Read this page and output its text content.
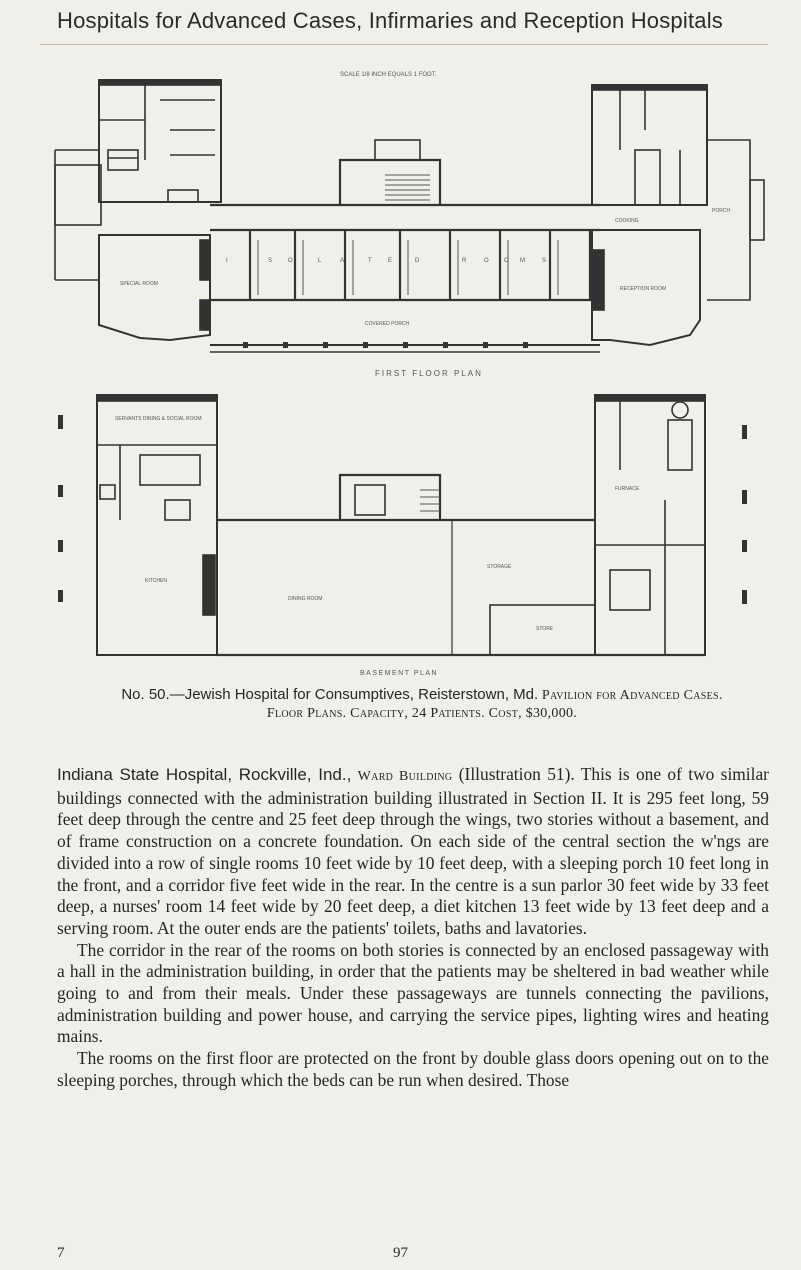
Hospitals for Advanced Cases, Infirmaries and Reception Hospitals
SCALE 1/8 INCH EQUALS 1 FOOT.
SPECIAL ROOM
I	S	O	L	A	T	E	D	R	O	O M	S
COVERED PORCH
RECEPTION ROOM
COOKING
PORCH
FIRST FLOOR PLAN
SERVANTS DINING & SOCIAL ROOM
KITCHEN
DINING ROOM
STORAGE
STORE
FURNACE
BASEMENT PLAN
No. 50.—Jewish Hospital for Consumptives, Reisterstown, Md. Pavilion for Advanced Cases.
Floor Plans. Capacity, 24 Patients. Cost, $30,000.

Indiana State Hospital, Rockville, Ind., Ward Building (Illustration 51). This is one of two similar buildings connected with the administration building illustrated in Section II. It is 295 feet long, 59 feet deep through the centre and 25 feet deep through the wings, two stories without a basement, and of frame construction on a concrete foundation. On each side of the central section the w'ngs are divided into a row of single rooms 10 feet wide by 10 feet deep, with a sleeping porch 10 feet long in the front, and a corridor five feet wide in the rear. In the centre is a sun parlor 30 feet wide by 33 feet deep, a nurses' room 14 feet wide by 20 feet deep, a diet kitchen 13 feet wide by 13 feet deep and a serving room. At the outer ends are the patients' toilets, baths and lavatories.

The corridor in the rear of the rooms on both stories is connected by an enclosed passageway with a hall in the administration building, in order that the patients may be sheltered in bad weather while going to and from their meals. Under these passageways are tunnels connecting the pavilions, administration building and power house, and carrying the service pipes, lighting wires and heating mains.

The rooms on the first floor are protected on the front by double glass doors opening out on to the sleeping porches, through which the beds can be run when desired. Those

7	97
